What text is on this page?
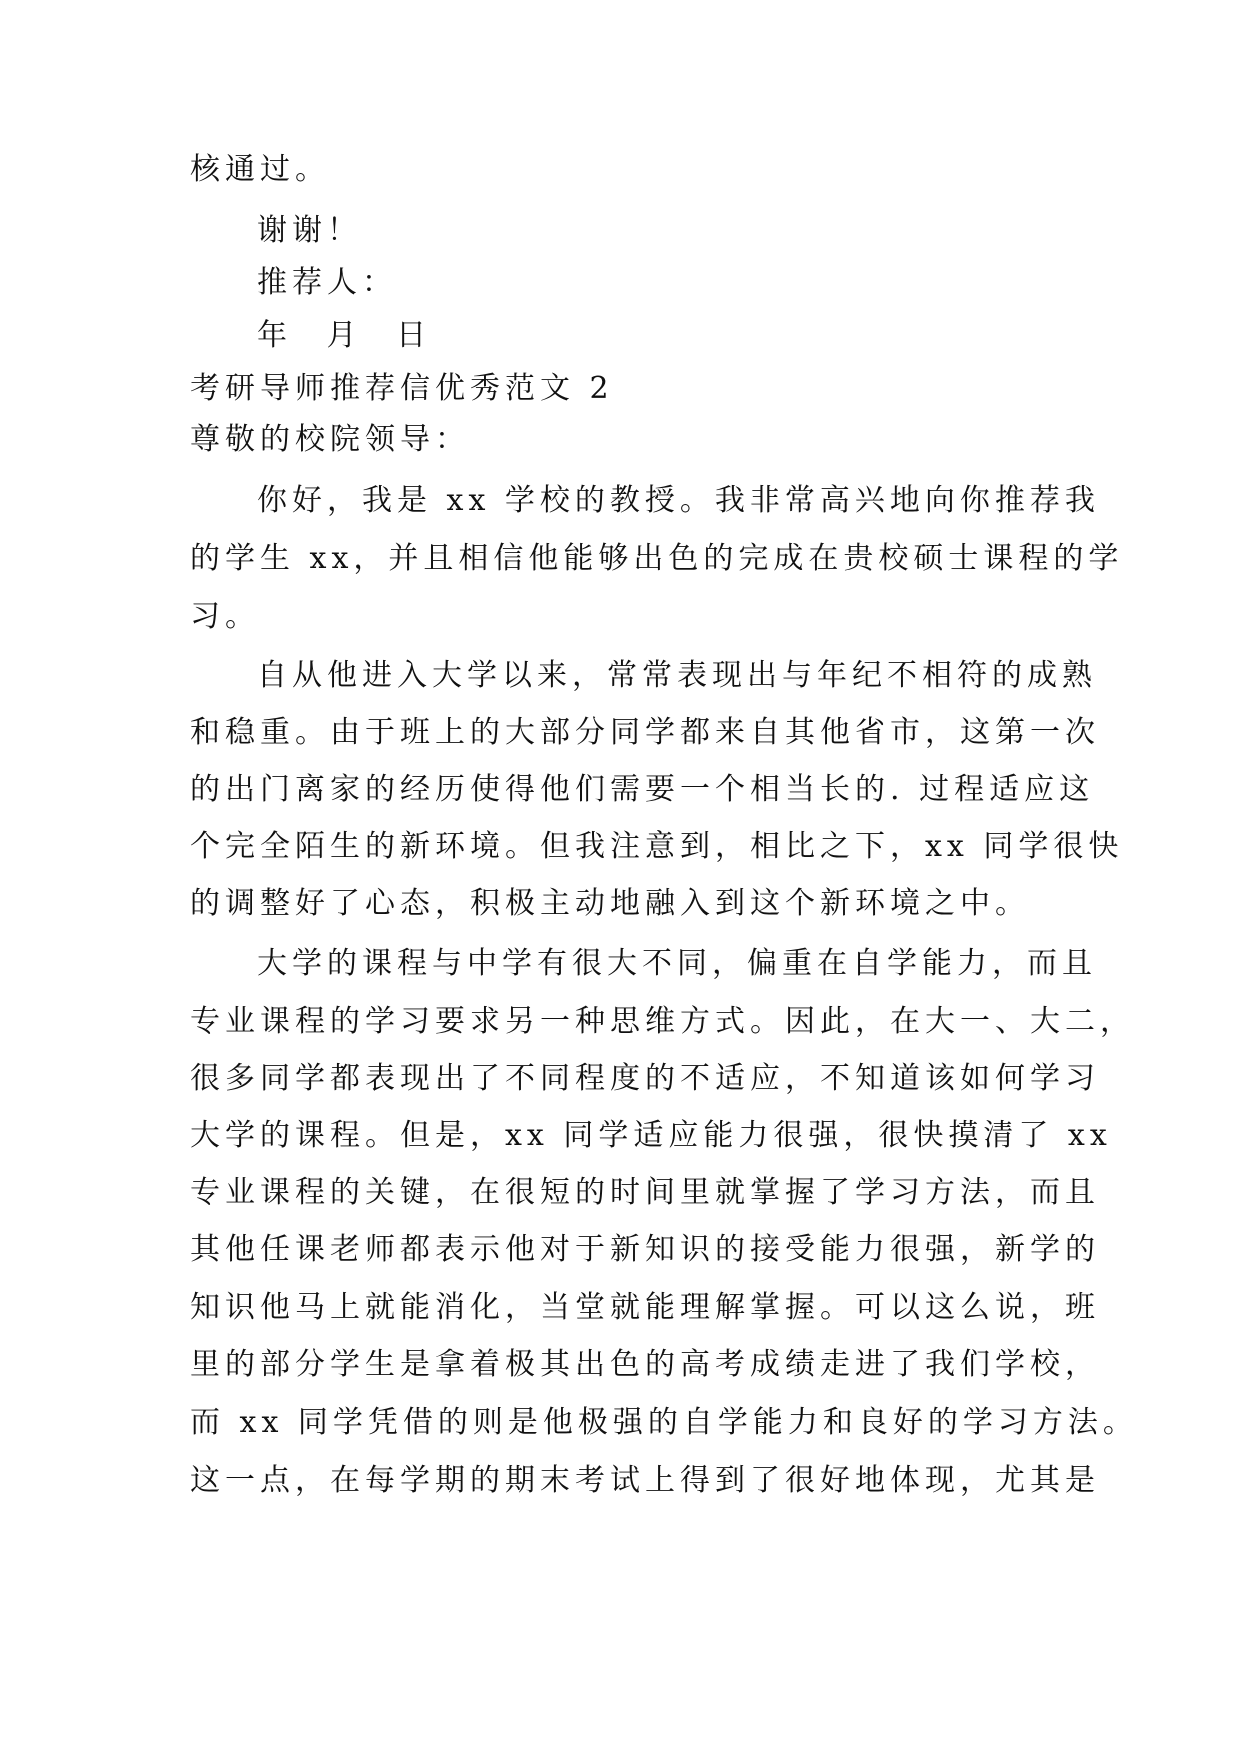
核通过。
谢谢！
推荐人：
年 月 日
考研导师推荐信优秀范文 2
尊敬的校院领导：
你好，我是 xx 学校的教授。我非常高兴地向你推荐我
的学生 xx，并且相信他能够出色的完成在贵校硕士课程的学
习。
自从他进入大学以来，常常表现出与年纪不相符的成熟
和稳重。由于班上的大部分同学都来自其他省市，这第一次
的出门离家的经历使得他们需要一个相当长的. 过程适应这
个完全陌生的新环境。但我注意到，相比之下，xx 同学很快
的调整好了心态，积极主动地融入到这个新环境之中。
大学的课程与中学有很大不同，偏重在自学能力，而且
专业课程的学习要求另一种思维方式。因此，在大一、大二，
很多同学都表现出了不同程度的不适应，不知道该如何学习
大学的课程。但是，xx 同学适应能力很强，很快摸清了 xx
专业课程的关键，在很短的时间里就掌握了学习方法，而且
其他任课老师都表示他对于新知识的接受能力很强，新学的
知识他马上就能消化，当堂就能理解掌握。可以这么说，班
里的部分学生是拿着极其出色的高考成绩走进了我们学校，
而 xx 同学凭借的则是他极强的自学能力和良好的学习方法。
这一点，在每学期的期末考试上得到了很好地体现，尤其是
